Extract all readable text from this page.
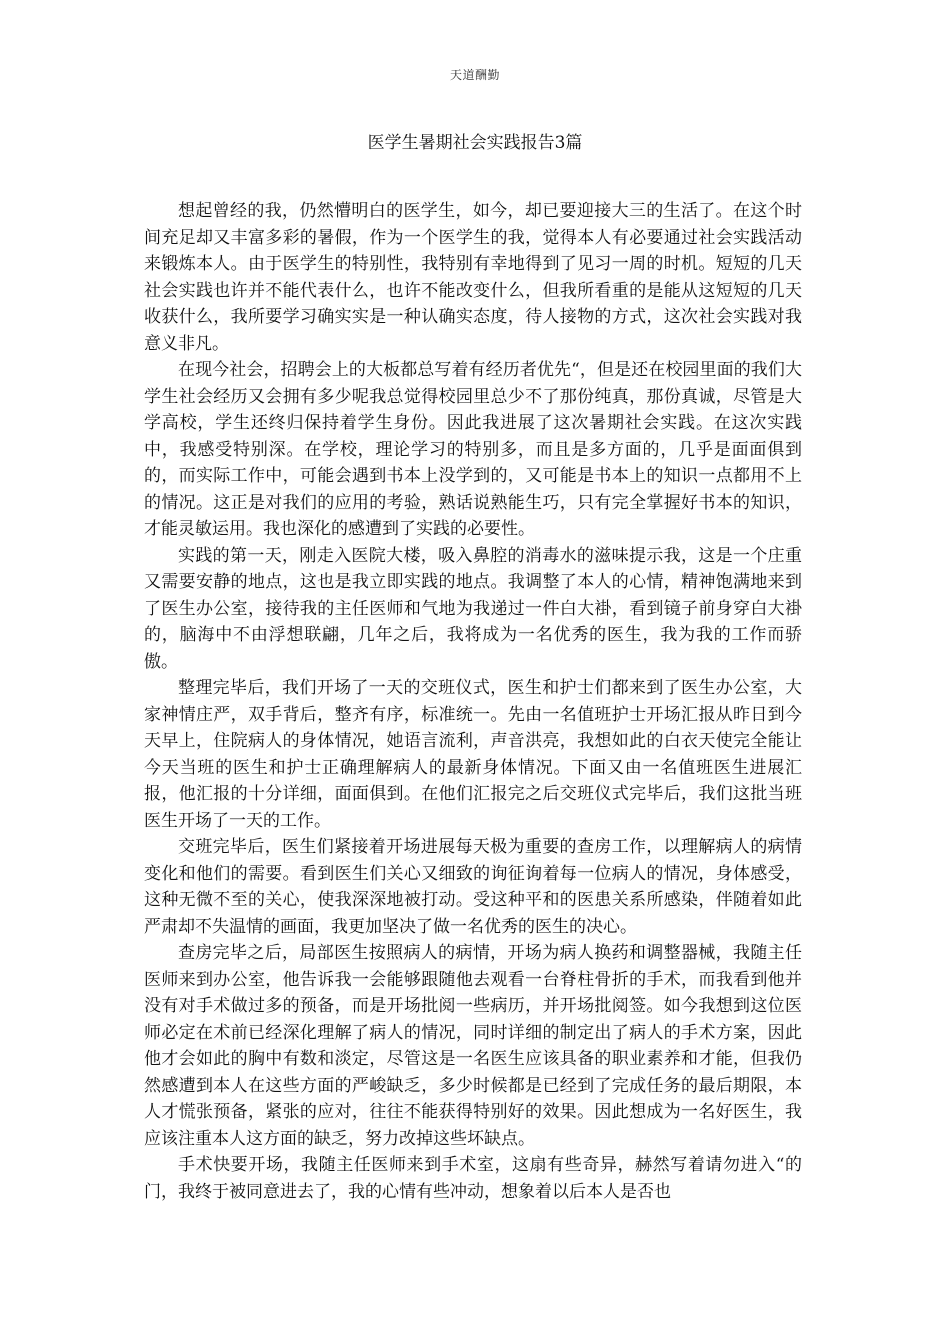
天道酬勤
医学生暑期社会实践报告3篇

想起曾经的我，仍然懵明白的医学生，如今，却已要迎接大三的生活了。在这个时间充足却又丰富多彩的暑假，作为一个医学生的我，觉得本人有必要通过社会实践活动来锻炼本人。由于医学生的特别性，我特别有幸地得到了见习一周的时机。短短的几天社会实践也许并不能代表什么，也许不能改变什么，但我所看重的是能从这短短的几天收获什么，我所要学习确实实是一种认确实态度，待人接物的方式，这次社会实践对我意义非凡。

在现今社会，招聘会上的大板都总写着有经历者优先“，但是还在校园里面的我们大学生社会经历又会拥有多少呢我总觉得校园里总少不了那份纯真，那份真诚，尽管是大学高校，学生还终归保持着学生身份。因此我进展了这次暑期社会实践。在这次实践中，我感受特别深。在学校，理论学习的特别多，而且是多方面的，几乎是面面俱到的，而实际工作中，可能会遇到书本上没学到的，又可能是书本上的知识一点都用不上的情况。这正是对我们的应用的考验，熟话说熟能生巧，只有完全掌握好书本的知识，才能灵敏运用。我也深化的感遭到了实践的必要性。

实践的第一天，刚走入医院大楼，吸入鼻腔的消毒水的滋味提示我，这是一个庄重又需要安静的地点，这也是我立即实践的地点。我调整了本人的心情，精神饱满地来到了医生办公室，接待我的主任医师和气地为我递过一件白大褂，看到镜子前身穿白大褂的，脑海中不由浮想联翩，几年之后，我将成为一名优秀的医生，我为我的工作而骄傲。

整理完毕后，我们开场了一天的交班仪式，医生和护士们都来到了医生办公室，大家神情庄严，双手背后，整齐有序，标准统一。先由一名值班护士开场汇报从昨日到今天早上，住院病人的身体情况，她语言流利，声音洪亮，我想如此的白衣天使完全能让今天当班的医生和护士正确理解病人的最新身体情况。下面又由一名值班医生进展汇报，他汇报的十分详细，面面俱到。在他们汇报完之后交班仪式完毕后，我们这批当班医生开场了一天的工作。

交班完毕后，医生们紧接着开场进展每天极为重要的查房工作，以理解病人的病情变化和他们的需要。看到医生们关心又细致的询征询着每一位病人的情况，身体感受，这种无微不至的关心，使我深深地被打动。受这种平和的医患关系所感染，伴随着如此严肃却不失温情的画面，我更加坚决了做一名优秀的医生的决心。

查房完毕之后，局部医生按照病人的病情，开场为病人换药和调整器械，我随主任医师来到办公室，他告诉我一会能够跟随他去观看一台脊柱骨折的手术，而我看到他并没有对手术做过多的预备，而是开场批阅一些病历，并开场批阅签。如今我想到这位医师必定在术前已经深化理解了病人的情况，同时详细的制定出了病人的手术方案，因此他才会如此的胸中有数和淡定，尽管这是一名医生应该具备的职业素养和才能，但我仍然感遭到本人在这些方面的严峻缺乏，多少时候都是已经到了完成任务的最后期限，本人才慌张预备，紧张的应对，往往不能获得特别好的效果。因此想成为一名好医生，我应该注重本人这方面的缺乏，努力改掉这些坏缺点。

手术快要开场，我随主任医师来到手术室，这扇有些奇异，赫然写着请勿进入“的门，我终于被同意进去了，我的心情有些冲动，想象着以后本人是否也
